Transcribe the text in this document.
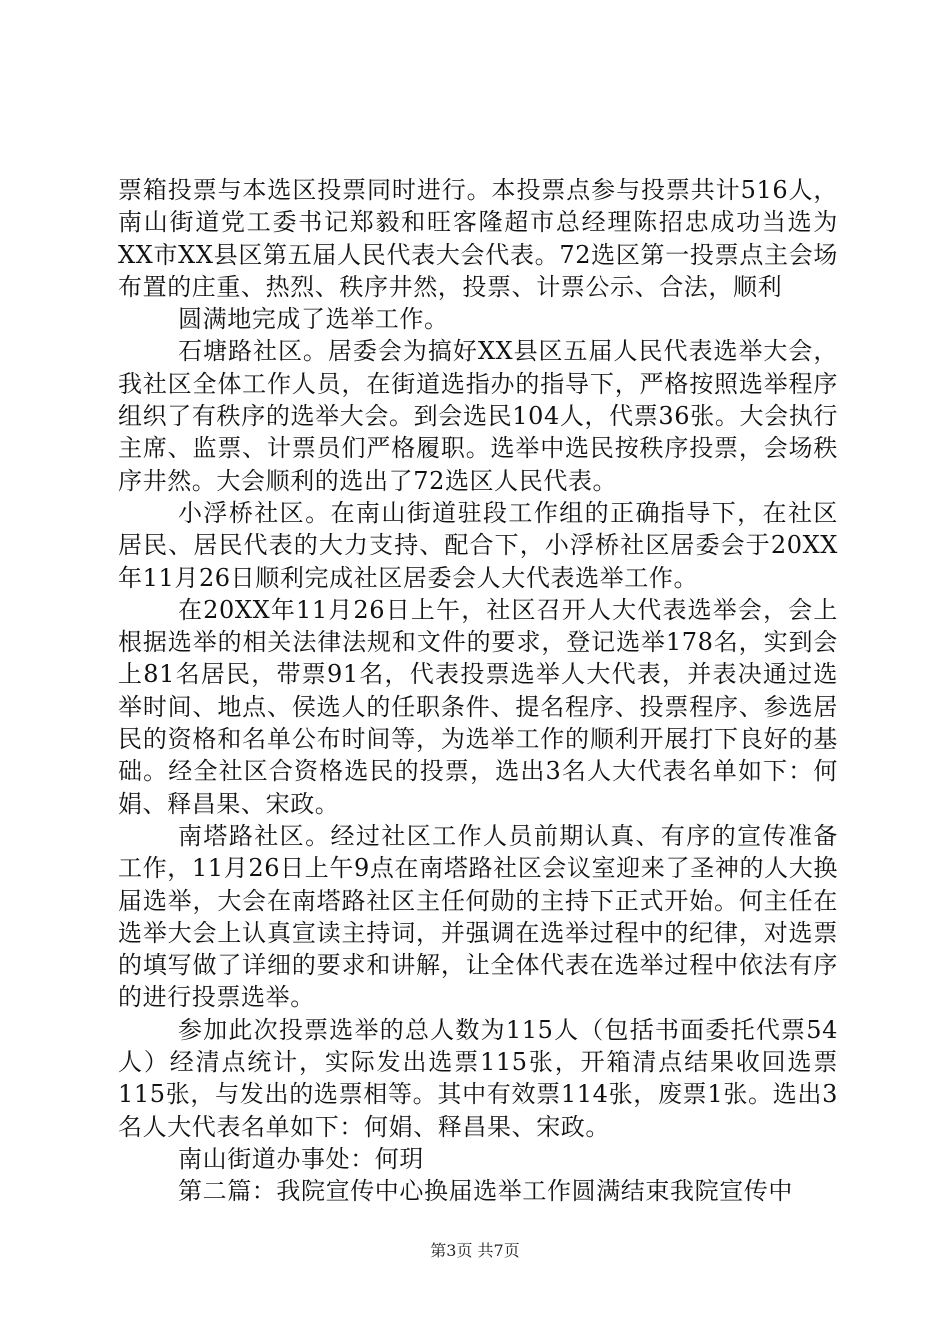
票箱投票与本选区投票同时进行。本投票点参与投票共计516人，南山街道党工委书记郑毅和旺客隆超市总经理陈招忠成功当选为XX市XX县区第五届人民代表大会代表。72选区第一投票点主会场布置的庄重、热烈、秩序井然，投票、计票公示、合法，顺利

圆满地完成了选举工作。

石塘路社区。居委会为搞好XX县区五届人民代表选举大会，我社区全体工作人员，在街道选指办的指导下，严格按照选举程序组织了有秩序的选举大会。到会选民104人，代票36张。大会执行主席、监票、计票员们严格履职。选举中选民按秩序投票，会场秩序井然。大会顺利的选出了72选区人民代表。

小浮桥社区。在南山街道驻段工作组的正确指导下，在社区居民、居民代表的大力支持、配合下，小浮桥社区居委会于20XX年11月26日顺利完成社区居委会人大代表选举工作。

在20XX年11月26日上午，社区召开人大代表选举会，会上根据选举的相关法律法规和文件的要求，登记选举178名，实到会上81名居民，带票91名，代表投票选举人大代表，并表决通过选举时间、地点、侯选人的任职条件、提名程序、投票程序、参选居民的资格和名单公布时间等，为选举工作的顺利开展打下良好的基础。经全社区合资格选民的投票，选出3名人大代表名单如下：何娟、释昌果、宋政。

南塔路社区。经过社区工作人员前期认真、有序的宣传准备工作，11月26日上午9点在南塔路社区会议室迎来了圣神的人大换届选举，大会在南塔路社区主任何勋的主持下正式开始。何主任在选举大会上认真宣读主持词，并强调在选举过程中的纪律，对选票的填写做了详细的要求和讲解，让全体代表在选举过程中依法有序的进行投票选举。

参加此次投票选举的总人数为115人（包括书面委托代票54人）经清点统计，实际发出选票115张，开箱清点结果收回选票115张，与发出的选票相等。其中有效票114张，废票1张。选出3名人大代表名单如下：何娟、释昌果、宋政。

南山街道办事处：何玥

第二篇：我院宣传中心换届选举工作圆满结束我院宣传中

第3页 共7页
